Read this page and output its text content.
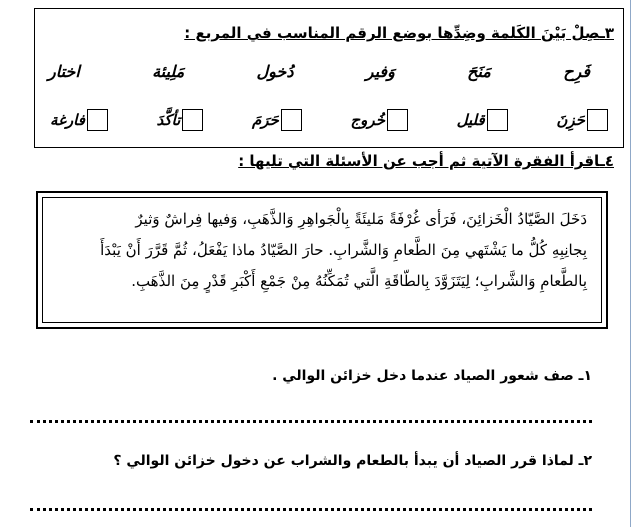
٣ـصِلْ بَيْنَ الكَلمة وضِدِّها بوضع الرقم المناسب في المربع :
فَرِح
مَنَحَ
وَفير
دُخول
مَلِيئة
اختار
حَزِنَ
قليل
خُروج
حَرَمَ
تأكَّدَ
فارغة
٤ـاقرأ الفقرة الآتية ثم أجب عن الأسئلة التي تليها :

دَخَلَ الصَّيّادُ الْخَزائِنَ، فَرَأى غُرْفَةً مَليئَةً بِالْجَواهِرِ وَالذَّهَبِ، وَفيها فِراشٌ وَثيرٌ

بِجانِبِهِ كُلُّ ما يَشْتَهي مِنَ الطَّعامِ وَالشَّرابِ. حارَ الصَّيّادُ ماذا يَفْعَلُ، ثُمَّ قَرَّرَ أَنْ يَبْدَأَ

بِالطَّعامِ وَالشَّرابِ؛ لِيَتَزَوَّدَ بِالطّاقَةِ الَّتي تُمَكِّنُهُ مِنْ جَمْعِ أَكْبَرِ قَدْرٍ مِنَ الذَّهَبِ.

١ـ صف شعور الصياد عندما دخل خزائن الوالي .
٢ـ لماذا قرر الصياد أن يبدأ بالطعام والشراب عن دخول خزائن الوالي ؟
